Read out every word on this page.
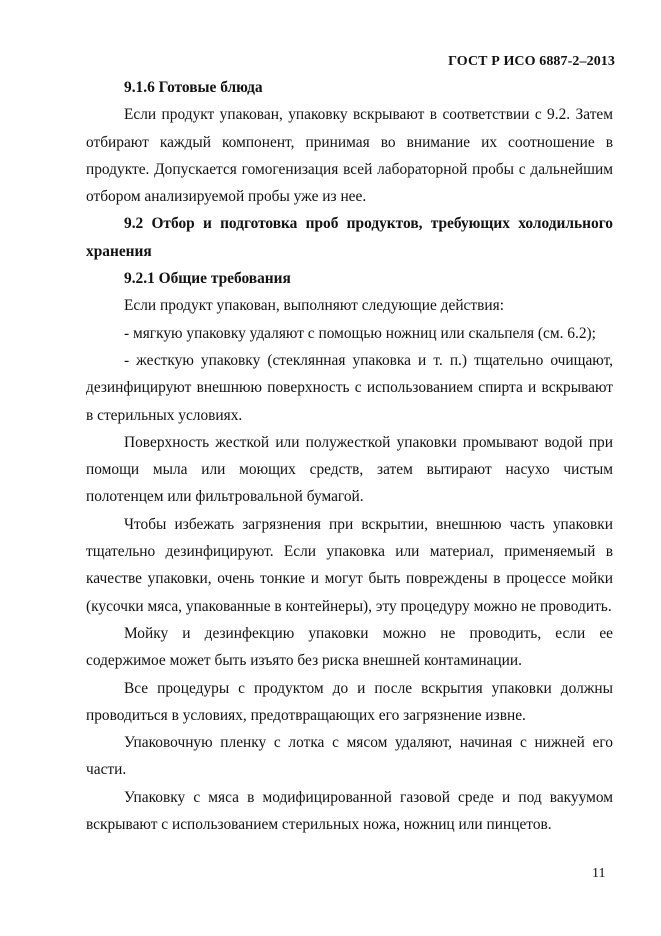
ГОСТ Р ИСО 6887-2–2013

9.1.6 Готовые блюда

Если продукт упакован, упаковку вскрывают в соответствии с 9.2. Затем отбирают каждый компонент, принимая во внимание их соотношение в продукте. Допускается гомогенизация всей лабораторной пробы с дальнейшим отбором анализируемой пробы уже из нее.

9.2 Отбор и подготовка проб продуктов, требующих холодильного хранения

9.2.1 Общие требования

Если продукт упакован, выполняют следующие действия:

- мягкую упаковку удаляют с помощью ножниц или скальпеля (см. 6.2);

- жесткую упаковку (стеклянная упаковка и т. п.) тщательно очищают, дезинфицируют внешнюю поверхность с использованием спирта и вскрывают в стерильных условиях.

Поверхность жесткой или полужесткой упаковки промывают водой при помощи мыла или моющих средств, затем вытирают насухо чистым полотенцем или фильтровальной бумагой.

Чтобы избежать загрязнения при вскрытии, внешнюю часть упаковки тщательно дезинфицируют. Если упаковка или материал, применяемый в качестве упаковки, очень тонкие и могут быть повреждены в процессе мойки (кусочки мяса, упакованные в контейнеры), эту процедуру можно не проводить.

Мойку и дезинфекцию упаковки можно не проводить, если ее содержимое может быть изъято без риска внешней контаминации.

Все процедуры с продуктом до и после вскрытия упаковки должны проводиться в условиях, предотвращающих его загрязнение извне.

Упаковочную пленку с лотка с мясом удаляют, начиная с нижней его части.

Упаковку с мяса в модифицированной газовой среде и под вакуумом вскрывают с использованием стерильных ножа, ножниц или пинцетов.

11
